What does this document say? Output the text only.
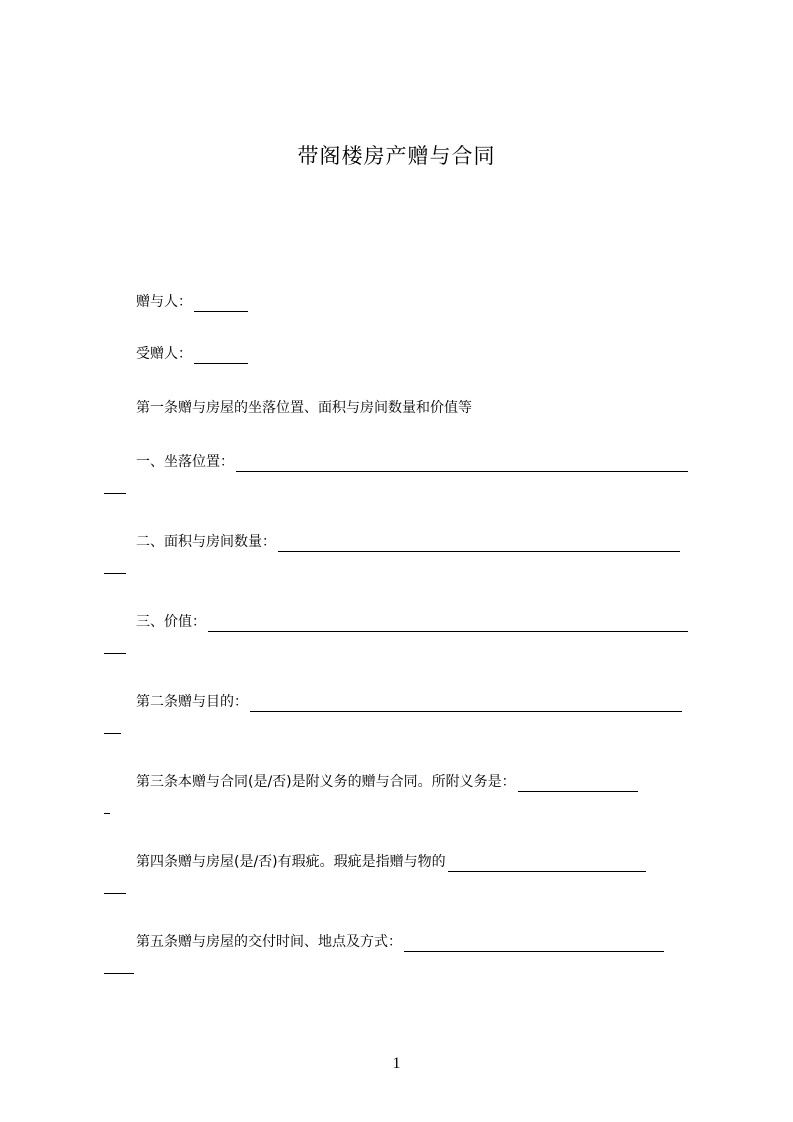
带阁楼房产赠与合同
赠与人：
受赠人：
第一条赠与房屋的坐落位置、面积与房间数量和价值等
一、坐落位置：
二、面积与房间数量：
三、价值：
第二条赠与目的：
第三条本赠与合同(是/否)是附义务的赠与合同。所附义务是：
第四条赠与房屋(是/否)有瑕疵。瑕疵是指赠与物的
第五条赠与房屋的交付时间、地点及方式：
1
